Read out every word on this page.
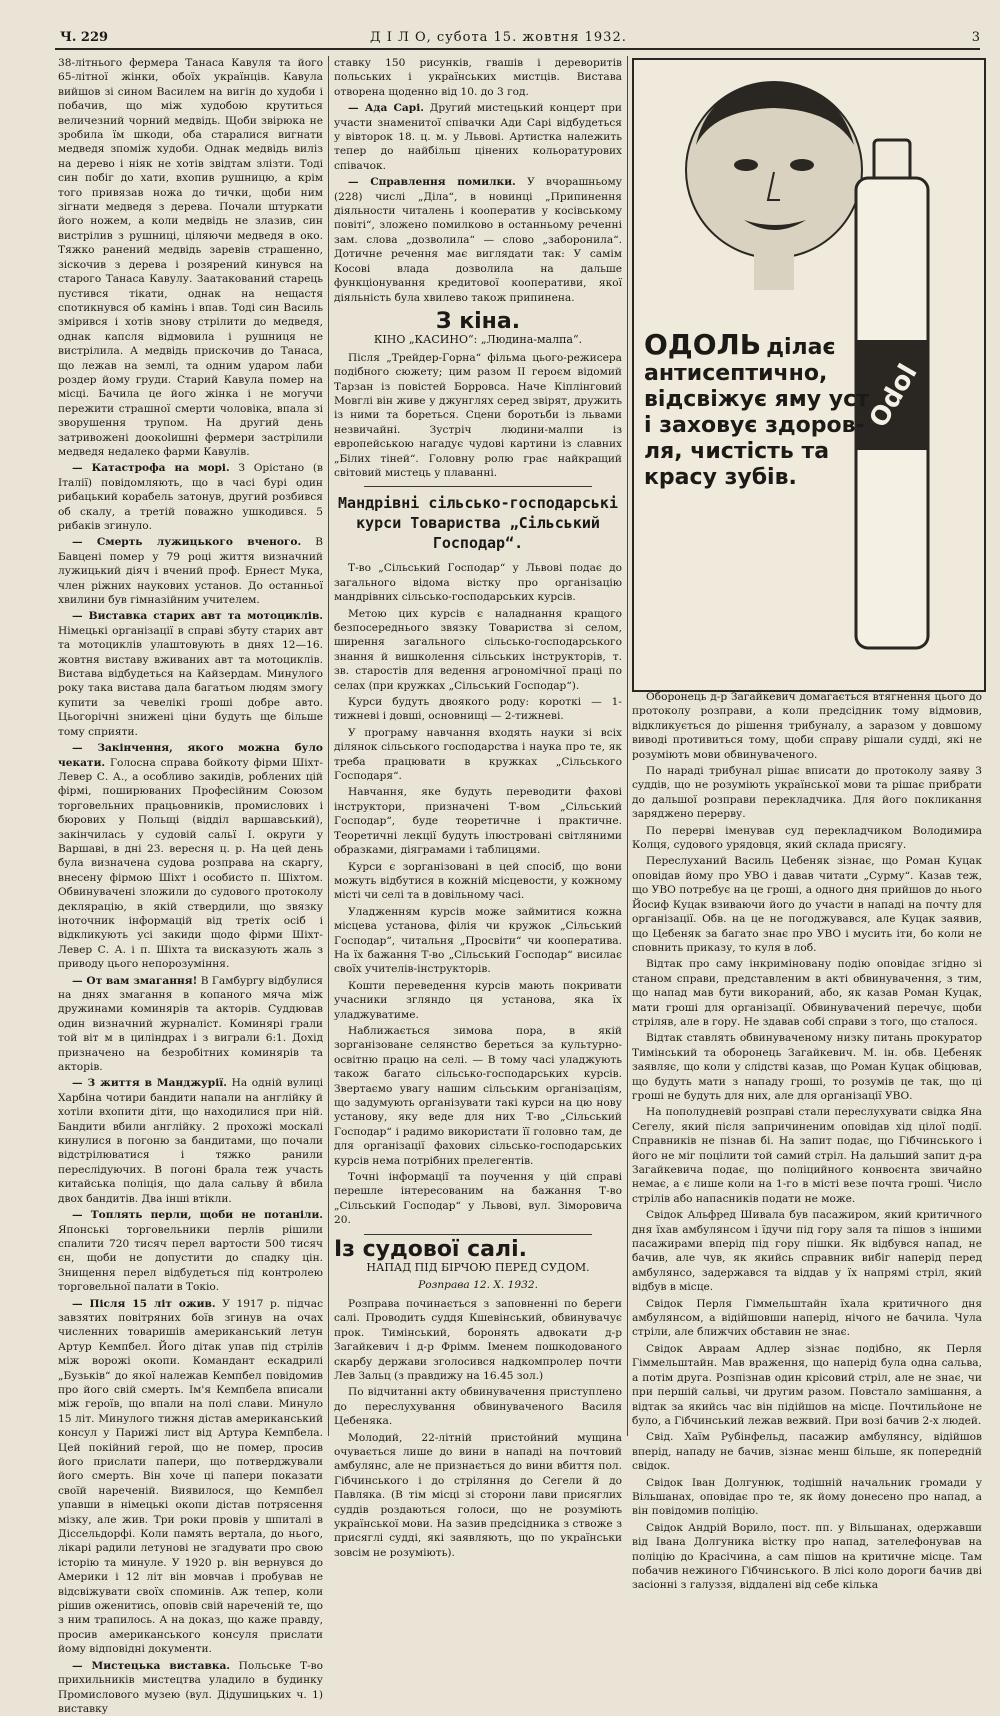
Ч. 229	Д І Л О, субота 15. жовтня 1932.	3

38-літнього фермера Танаса Кавуля та його 65-літної жінки, обоїх українців. Кавула вийшов зі сином Василем на вигін до худоби і побачив, що між худобою крутиться величезний чорний медвідь. Щоби звірюка не зробила їм шкоди, оба старалися вигнати медведя зпоміж худоби. Однак медвідь виліз на дерево і ніяк не хотів звідтам злізти. Тоді син побіг до хати, вхопив рушницю, а крім того привязав ножа до тички, щоби ним зігнати медведя з дерева. Почали штуркати його ножем, а коли медвідь не злазив, син вистрілив з рушниці, ціляючи медведя в око. Тяжко ранений медвідь заревів страшенно, зіскочив з дерева і розярений кинувся на старого Танаса Кавулу. Заатакований старець пустився тікати, однак на нещастя спотикнувся об камінь і впав. Тоді син Василь змірився і хотів знову стрілити до медведя, однак капсля відмовила і рушниця не вистрілила. А медвідь прискочив до Танаса, що лежав на землі, та одним ударом лаби роздер йому груди. Старий Кавула помер на місці. Бачила це його жінка і не могучи пережити страшної смерти чоловіка, впала зі зворушення трупом. На другий день затривожені доокolишні фермери застрілили медведя недалеко фарми Кавулів.

— Катастрофа на морі. З Орістано (в Італії) повідомляють, що в часі бурі один рибацький корабель затонув, другий розбився об скалу, а третій поважно ушкодився. 5 рибаків згинуло.

— Смерть лужицького вченого. В Бавцені помер у 79 році життя визначний лужицький діяч і вчений проф. Ернест Мука, член ріжних наукових установ. До останньої хвилини був гімназійним учителем.

— Виставка старих авт та мотоциклів. Німецькі організації в справі збуту старих авт та мотоциклів улаштовують в днях 12—16. жовтня виставу вживаних авт та мотоциклів. Вистава відбудеться на Кайзердам. Минулого року така вистава дала багатьом людям змогу купити за чевелікі гроші добре авто. Цьогорічні знижені ціни будуть ще більше тому сприяти.

— Закінчення, якого можна було чекати. Голосна справа бойкоту фірми Шіхт-Левер С. А., а особливо закидів, роблених цій фірмі, поширюваних Професійним Союзом торговельних працьовників, промислових і бюрових у Польщі (відділ варшавський), закінчилась у судовій сальї І. округи у Варшаві, в дні 23. вересня ц. р. На цей день була визначена судова розправа на скаргу, внесену фірмою Шіхт і особисто п. Шіхтом. Обвинувачені зложили до судового протоколу деклярацію, в якій ствердили, що звязку іноточник інформацій від третіх осіб і відкликують усі закиди щодо фірми Шіхт-Левер С. А. і п. Шіхта та висказують жаль з приводу цього непорозуміння.

— От вам змагання! В Гамбургу відбулися на днях змагання в копаного мяча між дружинами коминярів та акторів. Суддював один визначний журналіст. Коминярі грали той віт м в циліндрах і з виграли 6:1. Дохід призначено на безробітних коминярів та акторів.

— З життя в Манджурії. На одній вулиці Харбіна чотири бандити напали на англійку й хотіли вхопити діти, що находилися при ній. Бандити вбили англійку. 2 прохожі москалі кинулися в погоню за бандитами, що почали відстрілюватися і тяжко ранили переслідуючих. В погоні брала теж участь китайська поліція, що дала сальву й вбила двох бандитів. Два інші втікли.

— Топлять перли, щоби не потаніли. Японські торговельники перлів рішили спалити 720 тисяч перел вартости 500 тисяч єн, щоби не допустити до спадку цін. Знищення перел відбудеться під контролею торговельної палати в Токіо.

— Після 15 літ ожив. У 1917 р. підчас завзятих повітряних боїв згинув на очах численних товаришів американський летун Артур Кемпбел. Його дітак упав під стрілів між ворожі окопи. Командант ескадрилі „Бузьків“ до якої належав Кемпбел повідомив про його свій смерть. Ім'я Кемпбела вписали між героїв, що впали на полі слави. Минуло 15 літ. Минулого тижня дістав американський консул у Парижі лист від Артура Кемпбела. Цей покійний герой, що не помер, просив його прислати папери, що потверджували його смерть. Він хоче ці папери показати своїй нареченій. Виявилося, що Кемпбел упавши в німецькі окопи дістав потрясення мізку, але жив. Три роки провів у шпиталі в Діссельдорфі. Коли память вертала, до нього, лікарі радили летунові не згадувати про свою історію та минуле. У 1920 р. він вернувся до Америки і 12 літ він мовчав і пробував не відсвіжувати своїх споминів. Аж тепер, коли рішив оженитись, оповів свій нареченій те, що з ним трапилось. А на доказ, що каже правду, просив американського консуля прислати йому відповідні документи.

— Мистецька виставка. Польське Т-во прихильників мистецтва уладило в будинку Промислового музею (вул. Дідушицьких ч. 1) виставку

ставку 150 рисунків, гвашів і дереворитів польських і українських мистців. Вистава отворена щоденно від 10. до 3 год.

— Ада Сарі. Другий мистецький концерт при участи знаменитої співачки Ади Сарі відбудеться у вівторок 18. ц. м. у Львові. Артистка належить тепер до найбільш цінених кольоратурових співачок.

— Справлення помилки. У вчорашньому (228) числі „Діла“, в новинці „Припинення діяльности читалень і кооператив у косівському повіті“, зложено помилково в останньому реченні зам. слова „дозволила“ — слово „заборонила“. Дотичне речення має виглядати так: У самім Косові влада дозволила на дальше функціонування кредитової кооперативи, якої діяльність була хвилево також припинена.

З кіна.
КІНО „КАСИНО“: „Людина-малпа“.

Після „Трейдер-Горна“ фільма цього-режисера подібного сюжету; цим разом II героєм відомий Тарзан із повістей Борровса. Наче Кіплінговий Мовглі він живе у джунглях серед звірят, дружить із ними та бореться. Сцени боротьби із львами незвичайні. Зустріч людини-малпи із европейською нагадує чудові картини із славних „Білих тіней“. Головну ролю грає найкращий світовий мистець у плаванні.

Мандрівні сільсько-господарські курси Товариства „Сільський Господар“.

Т-во „Сільський Господар“ у Львові подає до загального відома вістку про організацію мандрівних сільсько-господарських курсів.

Метою цих курсів є наладнання кращого безпосереднього звязку Товариства зі селом, ширення загального сільсько-господарського знання й вишколення сільських інструкторів, т. зв. старостів для ведення агрономічної праці по селах (при кружках „Сільський Господар“).

Курси будуть двоякого роду: короткі — 1-тижневі і довші, основнищі — 2-тижневі.

У програму навчання входять науки зі всіх ділянок сільського господарства і наука про те, як треба працювати в кружках „Сільського Господаря“.

Навчання, яке будуть переводити фахові інструктори, призначені Т-вом „Сільський Господар“, буде теоретичне і практичне. Теоретичні лекції будуть ілюстровані світляними образками, діяграмами і таблицями.

Курси є зорганізовані в цей спосіб, що вони можуть відбутися в кожній місцевости, у кожному місті чи селі та в довільному часі.

Уладженням курсів може займитися кожна місцева установа, філія чи кружок „Сільський Господар“, читальня „Просвіти“ чи кооператива. На їх бажання Т-во „Сільський Господар“ висилає своїх учителів-інструкторів.

Кошти переведення курсів мають покривати учасники згляндо ця установа, яка їх уладжуватиме.

Наближається зимова пора, в якій зорганізоване селянство береться за культурно-освітню працю на селі. — В тому часі уладжують також багато сільсько-господарських курсів. Звертаємо увагу нашим сільським організаціям, що задумують організувати такі курси на цю нову установу, яку веде для них Т-во „Сільський Господар“ і радимо використати її головно там, де для організації фахових сільсько-господарських курсів нема потрібних прелегентів.

Точні інформації та поучення у цій справі перешле інтересованим на бажання Т-во „Сільський Господар“ у Львові, вул. Зіморовича 20.

Із судової салі.
НАПАД ПІД БІРЧОЮ ПЕРЕД СУДОМ.
Розправа 12. X. 1932.

Розправа починається з заповненні по береги салі. Проводить суддя Кшевінський, обвинувачує прок. Тимінський, боронять адвокати д-р Загайкевич і д-р Фрімм. Іменем пошкодованого скарбу держави зголосився надкомпролер почти Лев Зальц (з правдижу на 16.45 зол.)

По відчитанні акту обвинувачення приступлено до переслухування обвинуваченого Василя Цебеняка.

Молодий, 22-літній пристойний мущина очувається лише до вини в нападі на почтовий амбулянс, але не признається до вини вбиття пол. Гібчинського і до стріляння до Сегели й до Павляка. (В тім місці зі сторони лави присяглих суддів роздаються голоси, що не розуміють української мови. На зазив предсідника з ствоже з присяглі судді, які заявляють, що по українськи зовсім не розуміють).

Odol
ОДОЛЬ ділає
антисептично,
відсвіжує яму уст
і заховує здоров-
ля, чистість та
красу зубів.

Оборонець д-р Загайкевич домагається втягнення цього до протоколу розправи, а коли предсідник тому відмовив, відкликується до рішення трибуналу, а заразом у довшому виводі противиться тому, щоби справу рішали судді, які не розуміють мови обвинуваченого.

По нараді трибунал рішає вписати до протоколу заяву 3 суддів, що не розуміють української мови та рішає прибрати до дальшої розправи перекладчика. Для його покликання зарядженo перерву.

По перерві іменував суд перекладчиком Володимира Колця, судового урядовця, який склада присягу.

Переслуханий Василь Цебеняк зізнає, що Роман Куцак оповідав йому про УВО і давав читати „Сурму“. Казав теж, що УВО потребує на це гроші, а одного дня прийшов до нього Йосиф Куцак взиваючи його до участи в нападі на почту для організації. Обв. на це не погоджувався, але Куцак заявив, що Цебеняк за багато знає про УВО і мусить іти, бо коли не сповнить приказу, то куля в лоб.

Відтак про саму інкриміновану подію оповідає згідно зі станом справи, представленим в акті обвинувачення, з тим, що напад мав бути викораний, або, як казав Роман Куцак, мати гроші для організації. Обвинувачений перечує, щоби стріляв, але в гору. Не здавав собі справи з того, що сталося.

Відтак ставлять обвинуваченому низку питань прокуратор Тимінський та оборонець Загайкевич. М. ін. обв. Цебеняк заявляє, що коли у слідстві казав, що Роман Куцак обіцював, що будуть мати з нападу гроші, то розумів це так, що ці гроші не будуть для них, але для організації УВО.

На пополудневій розправі стали переслухувати свідка Яна Сегелу, який після запричиненим оповідав хід цілої події. Справників не пізнав бі. На запит подає, що Гібчинського і його не міг поцілити той самий стріл. На дальший запит д-ра Загайкевича подає, що поліцийного конвоєнта звичайно немає, а є лише коли на 1-го в місті везе почта гроші. Число стрілів або напасників подати не може.

Свідок Альфред Шивала був пасажиром, який критичного дня їхав амбулянсом і їдучи під гору заля та пішов з іншими пасажирами вперід під гору пішки. Як відбувся напад, не бачив, але чув, як якийсь справник вибіг наперід перед амбулянсо, задержався та віддав у їх напрямі стріл, який відбув в місце.

Свідок Перля Гіммельштайн їхала критичного дня амбулянсом, а відійшовши наперід, нічого не бачила. Чула стріли, але ближчих обставин не знає.

Свідок Авраам Адлер зізнає подібно, як Перля Гіммельштайн. Мав враження, що наперід була одна сальва, а потім друга. Розпізнав один крісовий стріл, але не знає, чи при першій сальві, чи другим разом. Повстало замішання, а відтак за якийсь час він підійшов на місце. Почтильйонe не було, а Гібчинський лежав вежвий. При возі бачив 2-х людей.

Свід. Хаїм Рубінфельд, пасажир амбулянсу, відійшов вперід, нападу не бачив, зізнає менш більше, як попередній свідок.

Свідок Іван Долгунюк, тодішній начальник громади у Вільшанах, оповідає про те, як йому донесено про напад, а він повідомив поліцію.

Свідок Андрій Ворило, пост. пп. у Вільшанах, одержавши від Івана Долгуника вістку про напад, зателефонував на поліцію до Красічина, а сам пішов на критичне місце. Там побачив нежиного Гібчинського. В лісі коло дороги бачив дві засіонні з галуззя, віддалені від себе кілька
